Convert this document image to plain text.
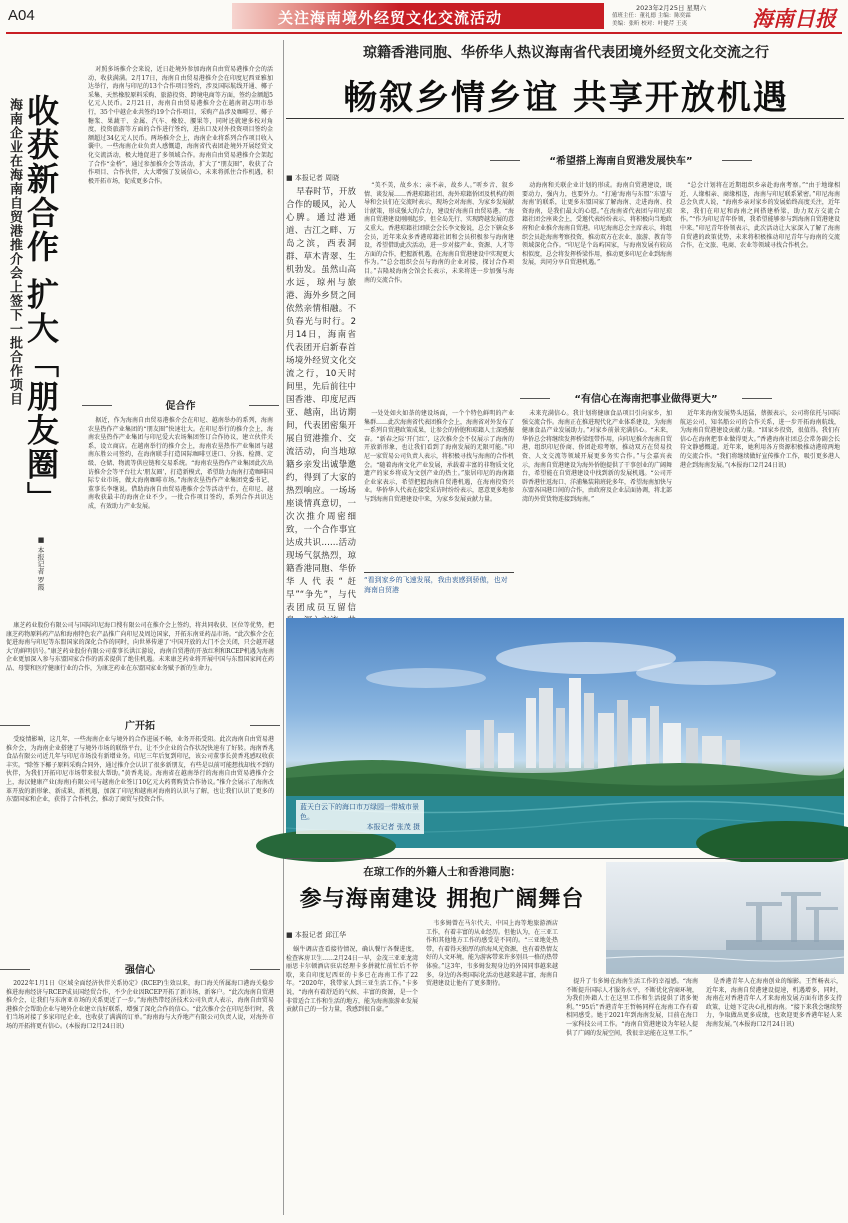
A04	关注海南境外经贸文化交流活动
2023年2月25日 星期六
值班主任：董礼德 主编：陈奕霖
美编：张昕 校对：叶健芹 王夷	海南日报
收获新合作 扩大「朋友圈」
海南企业在海南自贸港推介会上签下一批合作项目
■ 本报记者 罗霞

对照多场推介会来说，近日赴境外参加海南自由贸易港推介会的活动，收获满满。2月17日，海南自由贸易港推介会在印度尼西亚雅加达举行，海南与印尼的13个合作项目签约，涉及国际航线开通、椰子采集、天然橡胶原料采购、旅游投资、跨境电商等方面，签约金额超5亿元人民币。2月21日，海南自由贸易港推介会在越南胡志明市举行，35个中越企业共签约19个合作项目，采购产品涉及咖啡豆、椰子糖浆、果蔬干、金属、汽车、橡胶、腰果等，同时还就建多校对角度，投资旅游等方面的合作进行签约，进出口及对外投资项目签约金额超过34亿元人民币。两场推介会上，海南企业将系列合作项目收入囊中。一些海南企业负责人感慨道，海南省代表团赴境外开展经贸文化交流活动，极大地促进了多领域合作。海南自由贸易港推介会架起了合作“金桥”，通过参加推介会等活动，扩大了“朋友圈”，收获了合作项目、合作伙伴，大大增强了发展信心，未来将抓住合作机遇，积极开拓市场，促成更多合作。

促合作

据近，作为海南自由贸易港推介会在印尼、越南举办的系列，海南农垦热作产业集团的“朋友圈”快速壮大。在印尼举行的推介会上，海南农垦热作产业集团与印尼爱大农场集团签订合作协议，建立伙伴关系，设立商店。在越南举行的推介会上，海南农垦热作产业集团与越南东胜公司签约，在海南联手打造国际咖啡豆进口、分拣、检测、定级、仓储、物流等供应链和交易系统。“海南农垦热作产业集团此次出访推介会等平台壮大‘朋友圈’，打造新模式，希望助力海南打造咖啡国际专业市场，做大海南咖啡市场。”海南农垦热作产业集团党委书记、董事长李继说。借助海南自由贸易港推介会等活动平台，在印尼、越南收获最丰的海南企业不少。一批合作项目签约，系列合作共识达成，有效助力产业发展。

康芝药业股份有限公司与国际印尼海口搜有限公司在推介会上签约，将共同收获、区位等优势，把康芝药物原料药产品和海南特色农产品推广向印尼及周边国家，开拓东南亚药品市场。“此次推介会在促进海南与印尼等东盟国家的深化合作的同时，向世界传递了‘中国开放的大门不会关闭，只会越开越大’的鲜明信号。”康芝药业股份有限公司董事长洪江游说，海南自贸港的开放红利和RCEP机遇为海南企业更加深入参与东盟国家合作的需求提供了绝佳机遇。未来康芝药业将开展中国与东盟国家间在药品、母婴和医疗健康行业的合作，为康芝药业在东盟国家业务赋予新的生命力。

广开拓

受疫情影响，这几年，一些海南企业与境外的合作进展不畅，业务开拓受阻。此次海南自由贸易港推介会，为海南企业搭建了与境外市场的联络平台，让不少企业的合作状况快速有了好转。海南香兆食品有限公司近几年与印尼市场没有新增业务。印尼三年后复到印尼，该公司董事长黄香兆感叹收获丰实。“除签下椰子原料采购合同外，通过推介会认识了很多新朋友，有些是以前可能想找却找不到的伙伴，为我们开拓印尼市场带来很大帮助。”黄香兆说。海南省在越南举行的海南自由贸易港推介会上，海汉健康产业(海南)有限公司与越南企业签订10亿元大药膏购货合作协议。”推介会展示了海南改革开放的新形象、新成果，新机遇，加深了印尼和越南对海南的认识与了解，也让我们认识了更多的东盟国家和企业，获得了合作机会，推动了商贸与投资合作。

强信心

2022年1月1日《区域全面经济伙伴关系协定》(RCEP)生效以来，海口海关所属海口港海关稳步推进海南经济与RCEP成员国经贸合作，不少企业因RCEP开拓了新市场、新客户。“此次海南自贸港推介会，让我们与东南亚市场的关系更近了一步。”海南热带经济技术公司负责人表示，海南自由贸易港推介会帮助企业与境外企业建立良好联系，增强了深化合作的信心。“此次推介会在印尼举行时，我们当场对接了多家印尼企业，也收获了满满的订单。”海南海与大乔地产有限公司负责人说，对海外市场的开拓将更有信心。(本报海口2月24日讯)

琼籍香港同胞、华侨华人热议海南省代表团境外经贸文化交流之行
畅叙乡情乡谊 共享开放机遇
“希望搭上海南自贸港发展快车”
■ 本报记者 周晓

早春时节，开放合作的暖风，沁人心脾。通过港通道、吉江之畔、万岛之滨，西表洞群、草木青翠、生机勃发。虽然山高水远，琼州与旅港、海外乡贤之间依然亲情相融。不负春光与时行。2月14日，海南省代表团开启新春首场境外经贸文化交流之行，10天时间里，先后前往中国香港、印度尼西亚、越南，出访期间，代表团密集开展自贸港推介、交流活动，向当地琼籍乡亲发出诚挚邀约，得到了大家的热烈响应。一场场座谈情真意切，一次次推介周密细致，一个合作事宜达成共识……活动现场气氛热烈，琼籍香港同胞、华侨华人代表“赶早”“争先”，与代表团成员互留信

“美不美，故乡水；亲不亲，故乡人。”听乡音、叙乡情、谈发展……香港琼籍社团、海外琼籍侨团及机构的领导和会员们在交流时表示，现场会对海南、为家乡发展献计献策，形成强大的合力，建设好海南自由贸易港。“海南自贸港建设刚刚起步，但全岛先行、实现跨越发展的意义重大。香港琼籍社团联会会长李文俊说，总会下辖众多会员，近年来众多香港琼籍社团和会员积极参与海南建设，希望借助此次活动，进一步对接产业、资源、人才等方面的合作，把握新机遇，在海南自贸港建设中实现更大作为。”“总会组织会员与海南的企业对接，探讨合作项目。”吉隆坡海南会馆会长表示，未来将进一步加强与海南的交流合作。

动海南和关联企业计划的形成。海南自贸港建设，既要动力，强内力，也要外力。“打通‘海南与东盟’‘东盟与海南’的联系，让更多东盟国家了解海南、走进海南、投资海南，是我们最大的心愿。”在海南省代表团与印尼琼籍社团会座谈会上，受邀代表纷纷表示，将积极向当地政府和企业推介海南自贸港。印尼海南总会主席表示，将组织会员赴海南考察投资，推动双方在农业、旅游、教育等领域深化合作。“印尼是个岛屿国家，与海南发展有较高相似度，总会将发挥桥梁作用，推动更多印尼企业到海南发展，共同分享自贸港机遇。”

“总会计划将在近期组织乡亲赴海南考察。”“由于地缘相近、人缘相亲、商缘相连，海南与印尼联系紧密。”印尼海南总会负责人说，“海南乡亲对家乡的发展始终高度关注，近年来，我们在印尼和海南之间搭建桥梁，助力双方交流合作。”“作为印尼青年侨领，我希望能够参与到海南自贸港建设中来。”印尼青年侨领表示，此次活动让大家深入了解了海南自贸港的政策优势，未来将积极推动印尼青年与海南的交流合作，在文旅、电商、农业等领域寻找合作机会。

“有信心在海南把事业做得更大”

一处处如火如荼的建设场面，一个个特色鲜明的产业集群……此次海南省代表团推介会上，海南省对外发布了一系列自贸港政策成果，让参会的侨胞和琼籍人士深感振奋。“新春之际‘开门红’，这次推介会不仅展示了海南的开放新形象，也让我们看到了海南发展的无限可能。”印尼一家贸易公司负责人表示，将积极寻找与海南的合作机会。“随着海南文化产业发展，承载着丰富的非物质文化遗产的家乡将成为文创产业的热土。”旅居印尼的海南籍企业家表示，希望把握海南自贸港机遇，在海南投资兴业。华侨华人代表在接受采访时纷纷表示，愿意更多地参与到海南自贸港建设中来，为家乡发展贡献力量。

“看到家乡的飞速发展，我由衷感到骄傲，也对海南自贸港

未来充满信心。我计划将健康食品项目引向家乡，加强交流合作。海南正在推进现代化产业体系建设，为海南健康食品产业发展助力。”对家乡前景充满信心。“未来，华侨总会将继续发挥桥梁纽带作用，向印尼推介海南自贸港，组织印尼侨商、侨团赴琼考察，推动双方在贸易投资、人文交流等领域开展更多务实合作。”与会嘉宾表示，海南自贸港建设为海外侨胞提供了干事创业的广阔舞台，希望能在自贸港建设中找到新的发展机遇。“公司开辟香港往返海口、洋浦集装箱班轮多年，希望海南加快与东盟各国港口间的合作，由政府及企业层面协调，将北部湾的外贸货物连接到海南。”

近年来海南发展势头迅猛，蔡振表示，公司将依托与国际航运公司、知名船公司的合作关系，进一步开拓海南航线，为海南自贸港建设贡献力量。“回家乡投资，很值得。我们有信心在海南把事业做得更大。”香港海南社团总会常务副会长符文静感慨道。近年来，她利用各方资源积极推动港琼两地的交流合作。“我们将继续做好宣传推介工作，吸引更多港人港企到海南发展。”(本报海口2月24日讯)

蓝天白云下的海口市万绿园一带城市景色。
本报记者 张茂 摄
在琼工作的外籍人士和香港同胞：
参与海南建设 拥抱广阔舞台
■ 本报记者 邱江华

蜗牛调店查看接待情况，确认餐厅各餐进度，检查客房卫生……2月24日一早，金茂三亚亚龙湾丽思卡尔顿酒店驻店经理卡多拼就忙前忙后不停歇，来自印度尼西亚的卡多已在海南工作了22年。“2020年，我带家人到三亚生活工作。”卡多说，“海南有着舒适的气候、丰富的资源，是一个非常适合工作和生活的地方，能为海南旅游业发展贡献自己的一份力量，我感到很自豪。”

韦多姆曾在马尔代夫、中国上海等地旅游酒店工作，有着丰富的从业经历。但他认为，在三亚工作和其他地方工作的感受是不同的。“三亚地处热带，有着得天独厚的滨海风光资源，也有着热情友好的人文环境，能为游客带来许多别具一格的热带体验。”这3年，韦多姆发现身边的外国同事越来越多，身边的各类国际化活动也越来越丰富，海南自贸港建设让他有了更多期待。	提升了韦多姆在海南生活工作的幸福感。“海南不断提升国际人才服务水平，不断优化营商环境，为我们外籍人士在这里工作和生活提供了诸多便利。”“95后”香港青年王哲畅同样在海南工作有着相同感受。她于2021年到海南发展，目前在海口一家科技公司工作。“海南自贸港建设为年轻人提供了广阔的发展空间，我很幸运能在这里工作。”

是香港青年人在海南创业的缩影。王哲畅表示，近年来，海南自贸港建设提速，机遇增多，同时，海南在对香港青年人才来海南发展方面有诸多支持政策，让她下定决心扎根海南。“接下来我会继续努力，争取做出更多成绩，也欢迎更多香港年轻人来海南发展。”(本报海口2月24日讯)
